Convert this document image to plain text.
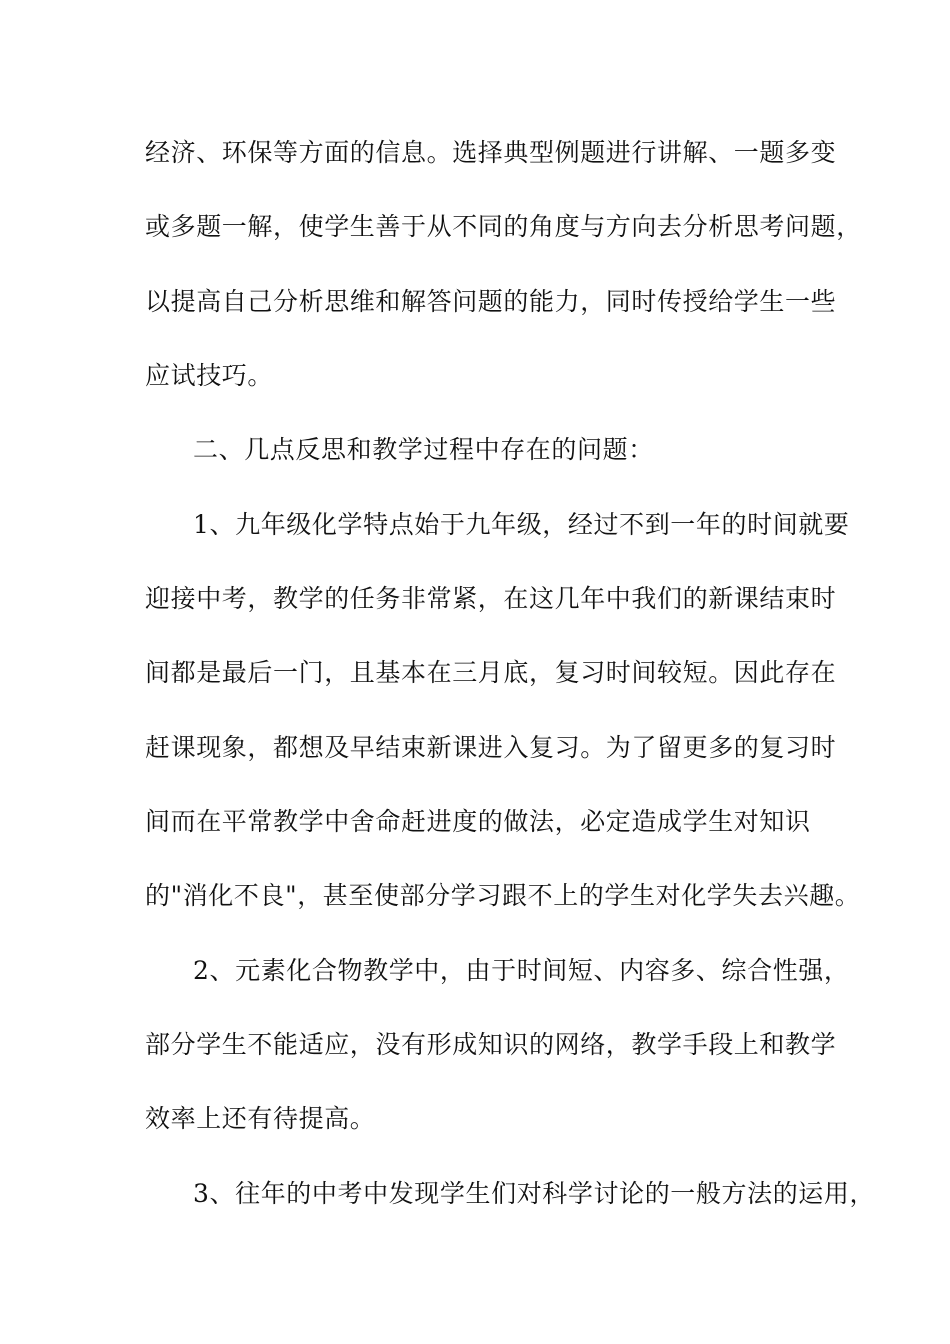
经济、环保等方面的信息。选择典型例题进行讲解、一题多变
或多题一解，使学生善于从不同的角度与方向去分析思考问题，
以提高自己分析思维和解答问题的能力，同时传授给学生一些
应试技巧。
二、几点反思和教学过程中存在的问题：
1、九年级化学特点始于九年级，经过不到一年的时间就要
迎接中考，教学的任务非常紧，在这几年中我们的新课结束时
间都是最后一门，且基本在三月底，复习时间较短。因此存在
赶课现象，都想及早结束新课进入复习。为了留更多的复习时
间而在平常教学中舍命赶进度的做法，必定造成学生对知识
的"消化不良"，甚至使部分学习跟不上的学生对化学失去兴趣。
2、元素化合物教学中，由于时间短、内容多、综合性强，
部分学生不能适应，没有形成知识的网络，教学手段上和教学
效率上还有待提高。
3、往年的中考中发现学生们对科学讨论的一般方法的运用，
